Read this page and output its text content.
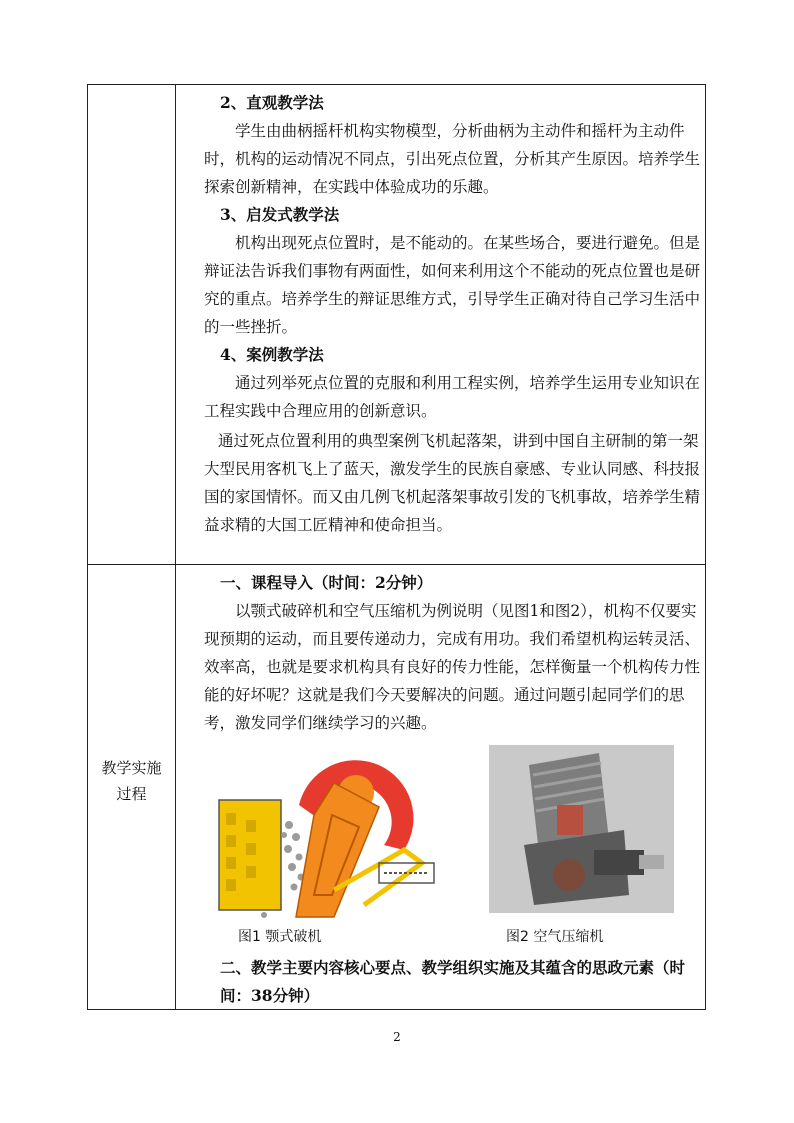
2、直观教学法

学生由曲柄摇杆机构实物模型，分析曲柄为主动件和摇杆为主动件时，机构的运动情况不同点，引出死点位置，分析其产生原因。培养学生探索创新精神，在实践中体验成功的乐趣。

3、启发式教学法

机构出现死点位置时，是不能动的。在某些场合，要进行避免。但是辩证法告诉我们事物有两面性，如何来利用这个不能动的死点位置也是研究的重点。培养学生的辩证思维方式，引导学生正确对待自己学习生活中的一些挫折。

4、案例教学法

通过列举死点位置的克服和利用工程实例，培养学生运用专业知识在工程实践中合理应用的创新意识。

通过死点位置利用的典型案例飞机起落架，讲到中国自主研制的第一架大型民用客机飞上了蓝天，激发学生的民族自豪感、专业认同感、科技报国的家国情怀。而又由几例飞机起落架事故引发的飞机事故，培养学生精益求精的大国工匠精神和使命担当。

教学实施过程

一、课程导入（时间：2分钟）

以颚式破碎机和空气压缩机为例说明（见图1和图2），机构不仅要实现预期的运动，而且要传递动力，完成有用功。我们希望机构运转灵活、效率高，也就是要求机构具有良好的传力性能，怎样衡量一个机构传力性能的好坏呢？这就是我们今天要解决的问题。通过问题引起同学们的思考，激发同学们继续学习的兴趣。

图1 颚式破机	图2 空气压缩机

二、教学主要内容核心要点、教学组织实施及其蕴含的思政元素（时间：38分钟）

2
